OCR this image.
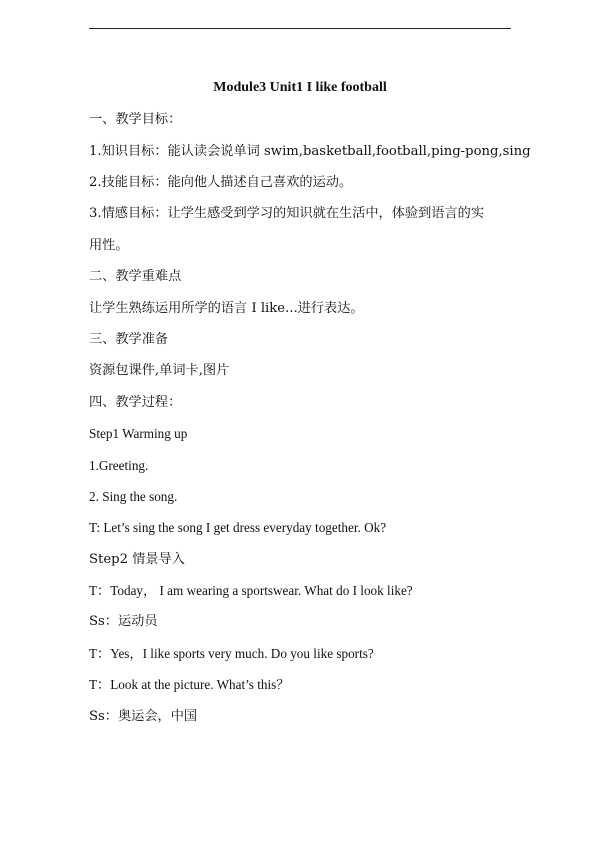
Module3 Unit1 I like football
一、教学目标：
1.知识目标：能认读会说单词 swim,basketball,football,ping-pong,sing
2.技能目标：能向他人描述自己喜欢的运动。
3.情感目标：让学生感受到学习的知识就在生活中，体验到语言的实
用性。
二、教学重难点
让学生熟练运用所学的语言 I like...进行表达。
三、教学准备
资源包课件,单词卡,图片
四、教学过程：
Step1 Warming up
1.Greeting.
2. Sing the song.
T: Let’s sing the song I get dress everyday together. Ok?
Step2 情景导入
T：Today， I am wearing a sportswear. What do I look like?
Ss：运动员
T：Yes，I like sports very much. Do you like sports?
T：Look at the picture. What’s this？
Ss：奥运会，中国
